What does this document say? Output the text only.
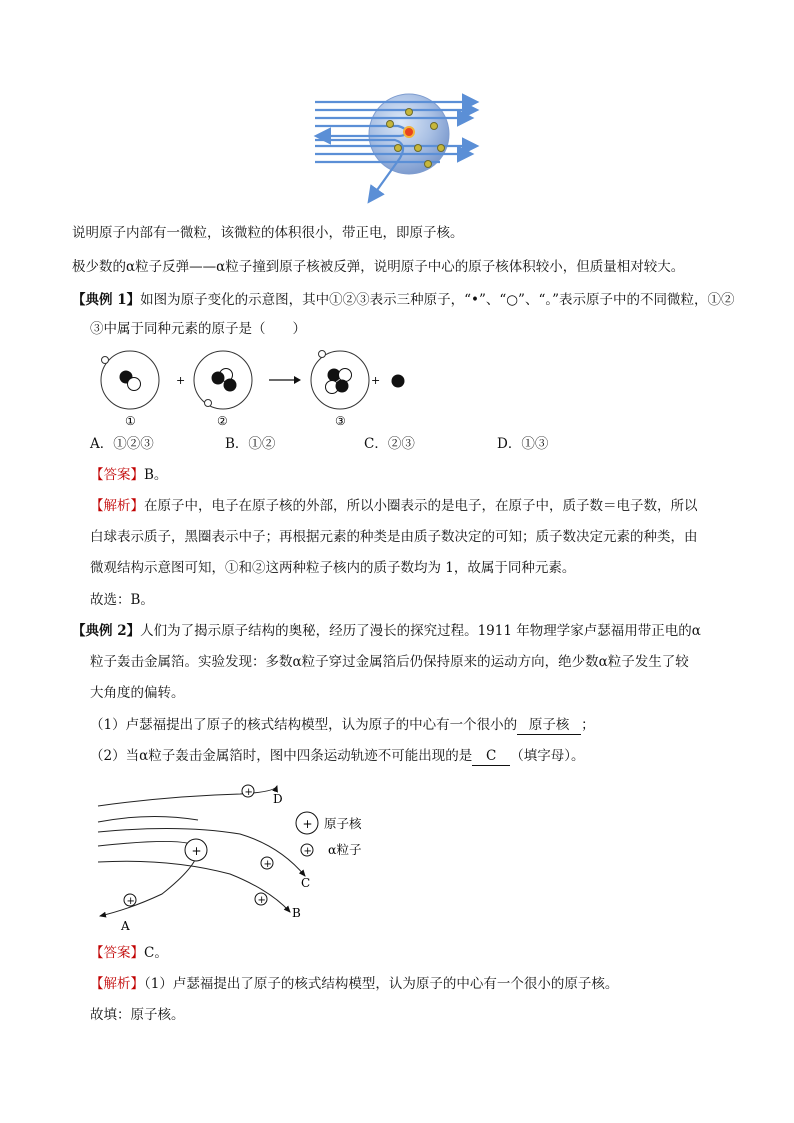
说明原子内部有一微粒，该微粒的体积很小，带正电，即原子核。
极少数的α粒子反弹——α粒子撞到原子核被反弹，说明原子中心的原子核体积较小，但质量相对较大。
【典例 1】如图为原子变化的示意图，其中①②③表示三种原子，“•”、“○”、“。”表示原子中的不同微粒，①②
③中属于同种元素的原子是（　　）
①
+
②	③
+
A．①②③	B．①②	C．②③	D．①③
【答案】B。
【解析】在原子中，电子在原子核的外部，所以小圈表示的是电子，在原子中，质子数＝电子数，所以
白球表示质子，黑圈表示中子；再根据元素的种类是由质子数决定的可知；质子数决定元素的种类，由
微观结构示意图可知，①和②这两种粒子核内的质子数均为 1，故属于同种元素。
故选：B。
【典例 2】人们为了揭示原子结构的奥秘，经历了漫长的探究过程。1911 年物理学家卢瑟福用带正电的α
粒子轰击金属箔。实验发现：多数α粒子穿过金属箔后仍保持原来的运动方向，绝少数α粒子发生了较
大角度的偏转。
（1）卢瑟福提出了原子的核式结构模型，认为原子的中心有一个很小的 原子核 ；
（2）当α粒子轰击金属箔时，图中四条运动轨迹不可能出现的是 C （填字母）。
+
+
+
+
+
D
C
B
A
+ 原子核
+ α粒子
【答案】C。
【解析】（1）卢瑟福提出了原子的核式结构模型，认为原子的中心有一个很小的原子核。
故填：原子核。
